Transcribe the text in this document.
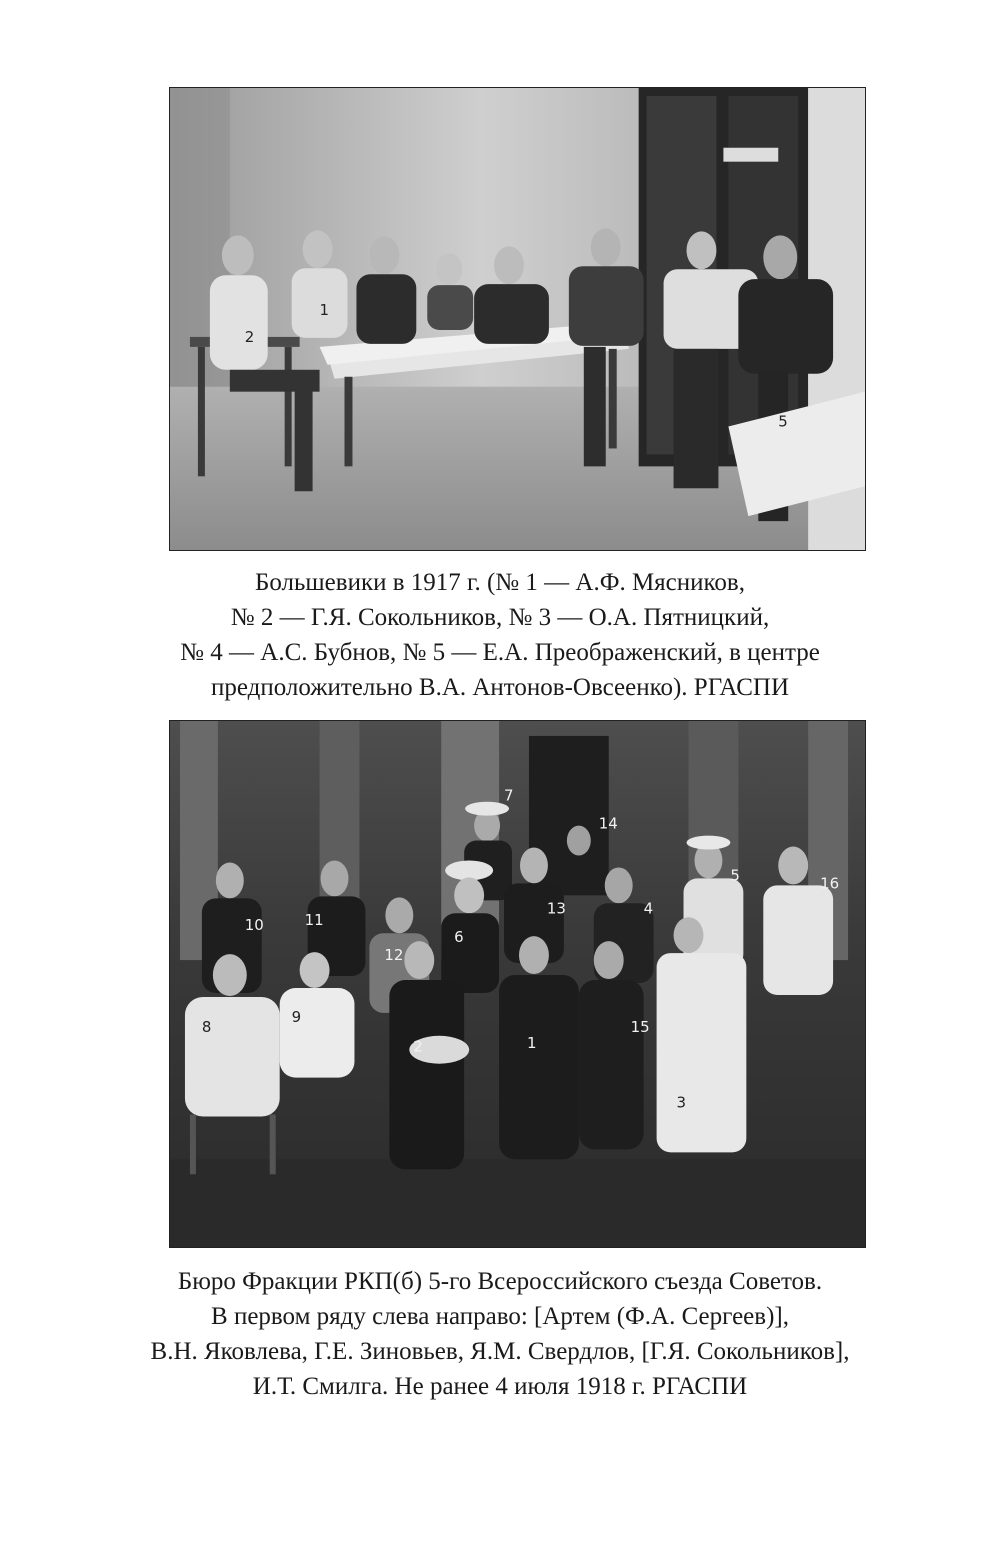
2
1
5

Большевики в 1917 г. (№ 1 — А.Ф. Мясников,
№ 2 — Г.Я. Сокольников, № 3 — О.А. Пятницкий,
№ 4 — А.С. Бубнов, № 5 — Е.А. Преображенский, в центре
предположительно В.А. Антонов-Овсеенко). РГАСПИ

7
14
10	11
13	4
5	16
6
12
8
9
2	1
15
3

Бюро Фракции РКП(б) 5-го Всероссийского съезда Советов.
В первом ряду слева направо: [Артем (Ф.А. Сергеев)],
В.Н. Яковлева, Г.Е. Зиновьев, Я.М. Свердлов, [Г.Я. Сокольников],
И.Т. Смилга. Не ранее 4 июля 1918 г. РГАСПИ
